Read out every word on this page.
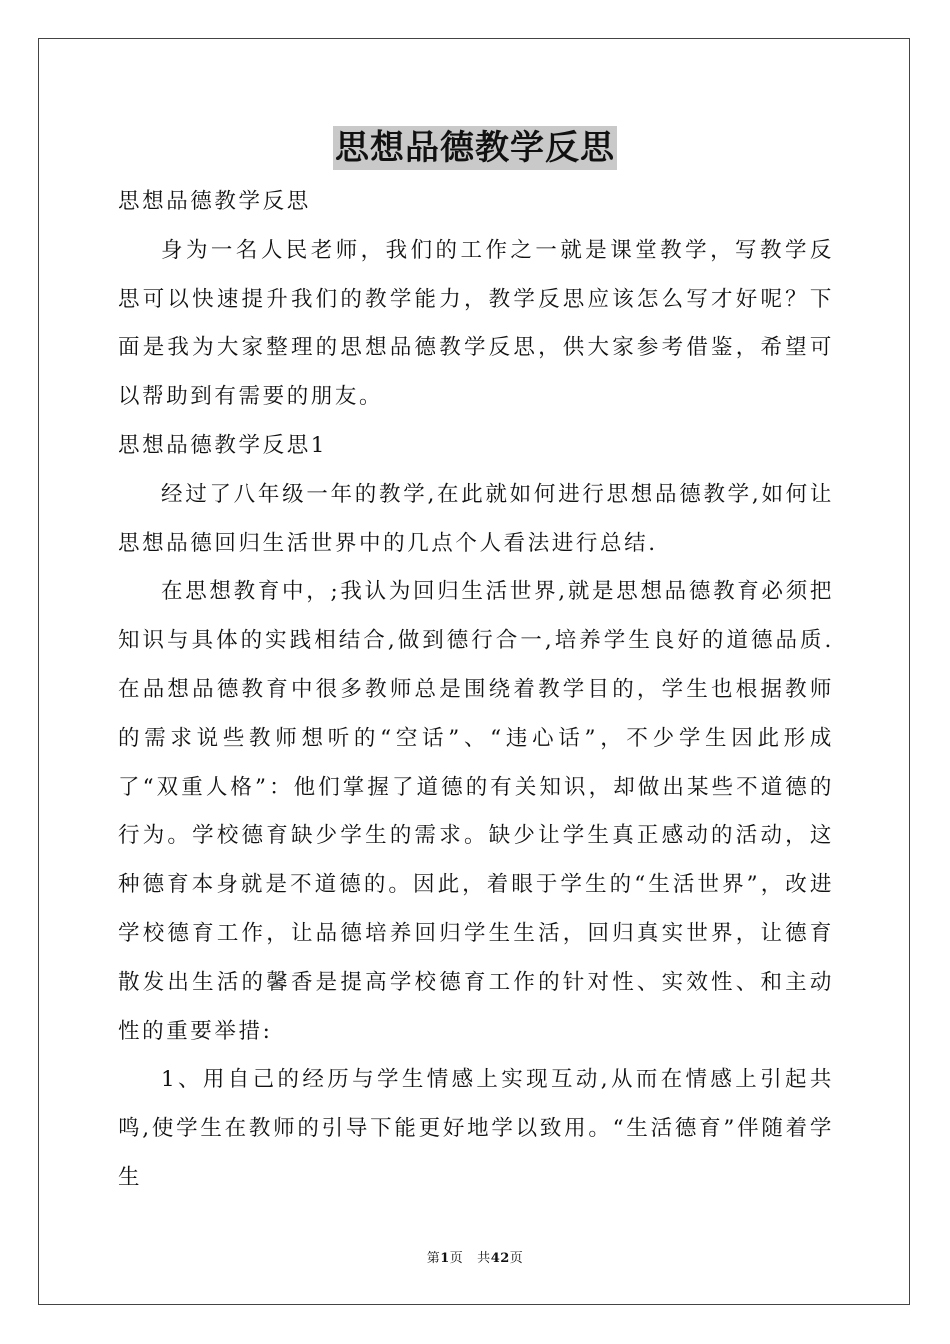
思想品德教学反思

思想品德教学反思

身为一名人民老师，我们的工作之一就是课堂教学，写教学反思可以快速提升我们的教学能力，教学反思应该怎么写才好呢？下面是我为大家整理的思想品德教学反思，供大家参考借鉴，希望可以帮助到有需要的朋友。

思想品德教学反思1

经过了八年级一年的教学,在此就如何进行思想品德教学,如何让思想品德回归生活世界中的几点个人看法进行总结.

在思想教育中，;我认为回归生活世界,就是思想品德教育必须把知识与具体的实践相结合,做到德行合一,培养学生良好的道德品质.在品想品德教育中很多教师总是围绕着教学目的，学生也根据教师的需求说些教师想听的“空话”、“违心话”，不少学生因此形成了“双重人格”：他们掌握了道德的有关知识，却做出某些不道德的行为。学校德育缺少学生的需求。缺少让学生真正感动的活动，这种德育本身就是不道德的。因此，着眼于学生的“生活世界”，改进学校德育工作，让品德培养回归学生生活，回归真实世界，让德育散发出生活的馨香是提高学校德育工作的针对性、实效性、和主动性的重要举措:

1、用自己的经历与学生情感上实现互动,从而在情感上引起共鸣,使学生在教师的引导下能更好地学以致用。“生活德育”伴随着学生

第1页 共42页
